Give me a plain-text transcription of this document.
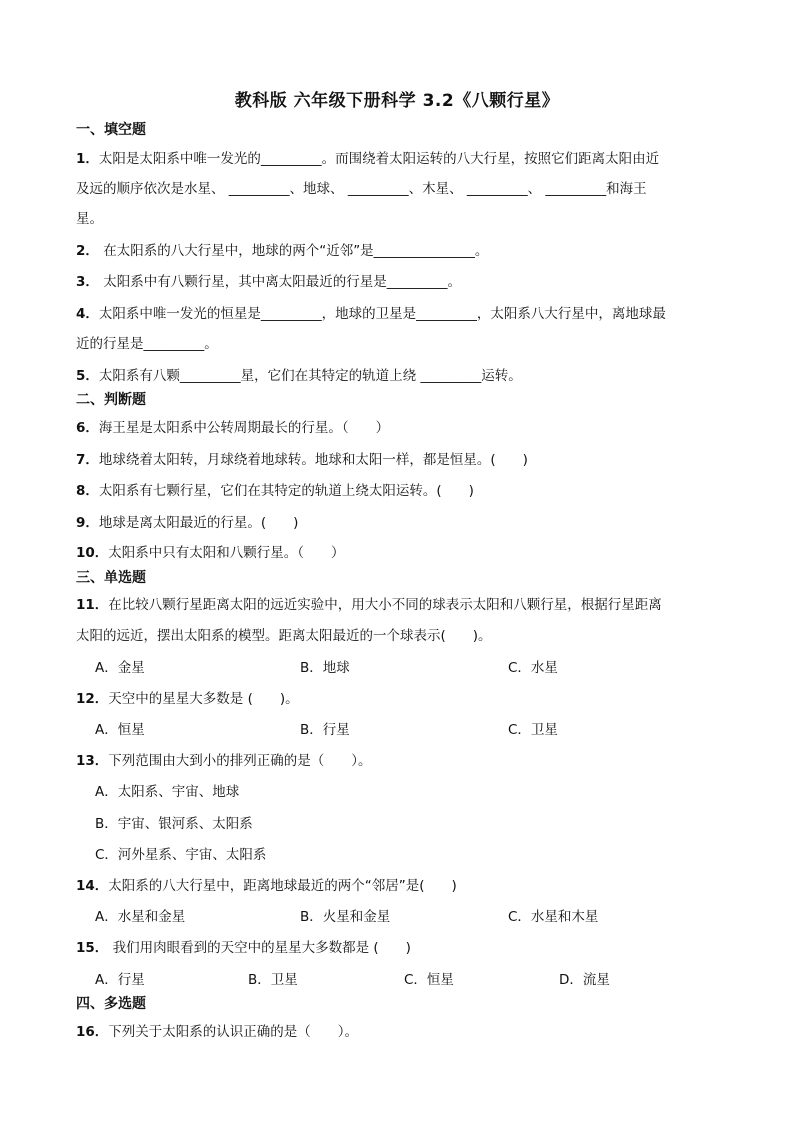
教科版 六年级下册科学 3.2《八颗行星》
一、填空题
1．太阳是太阳系中唯一发光的_________。而围绕着太阳运转的八大行星，按照它们距离太阳由近
及远的顺序依次是水星、 _________、地球、 _________、木星、 _________、 _________和海王
星。
2． 在太阳系的八大行星中，地球的两个“近邻”是_______________。
3． 太阳系中有八颗行星，其中离太阳最近的行星是_________。
4．太阳系中唯一发光的恒星是_________，地球的卫星是_________，太阳系八大行星中，离地球最
近的行星是_________。
5．太阳系有八颗_________星，它们在其特定的轨道上绕 _________运转。
二、判断题
6．海王星是太阳系中公转周期最长的行星。（　　）
7．地球绕着太阳转，月球绕着地球转。地球和太阳一样，都是恒星。(　　)
8．太阳系有七颗行星，它们在其特定的轨道上绕太阳运转。(　　)
9．地球是离太阳最近的行星。(　　)
10．太阳系中只有太阳和八颗行星。（　　）
三、单选题
11．在比较八颗行星距离太阳的远近实验中，用大小不同的球表示太阳和八颗行星，根据行星距离
太阳的远近，摆出太阳系的模型。距离太阳最近的一个球表示(　　)。
A．金星	B．地球	C．水星
12．天空中的星星大多数是 (　　)。
A．恒星	B．行星	C．卫星
13．下列范围由大到小的排列正确的是（　　）。
A．太阳系、宇宙、地球
B．宇宙、银河系、太阳系
C．河外星系、宇宙、太阳系
14．太阳系的八大行星中，距离地球最近的两个“邻居”是(　　)
A．水星和金星	B．火星和金星	C．水星和木星
15． 我们用肉眼看到的天空中的星星大多数都是 (　　)
A．行星	B．卫星	C．恒星	D．流星
四、多选题
16．下列关于太阳系的认识正确的是（　　）。
